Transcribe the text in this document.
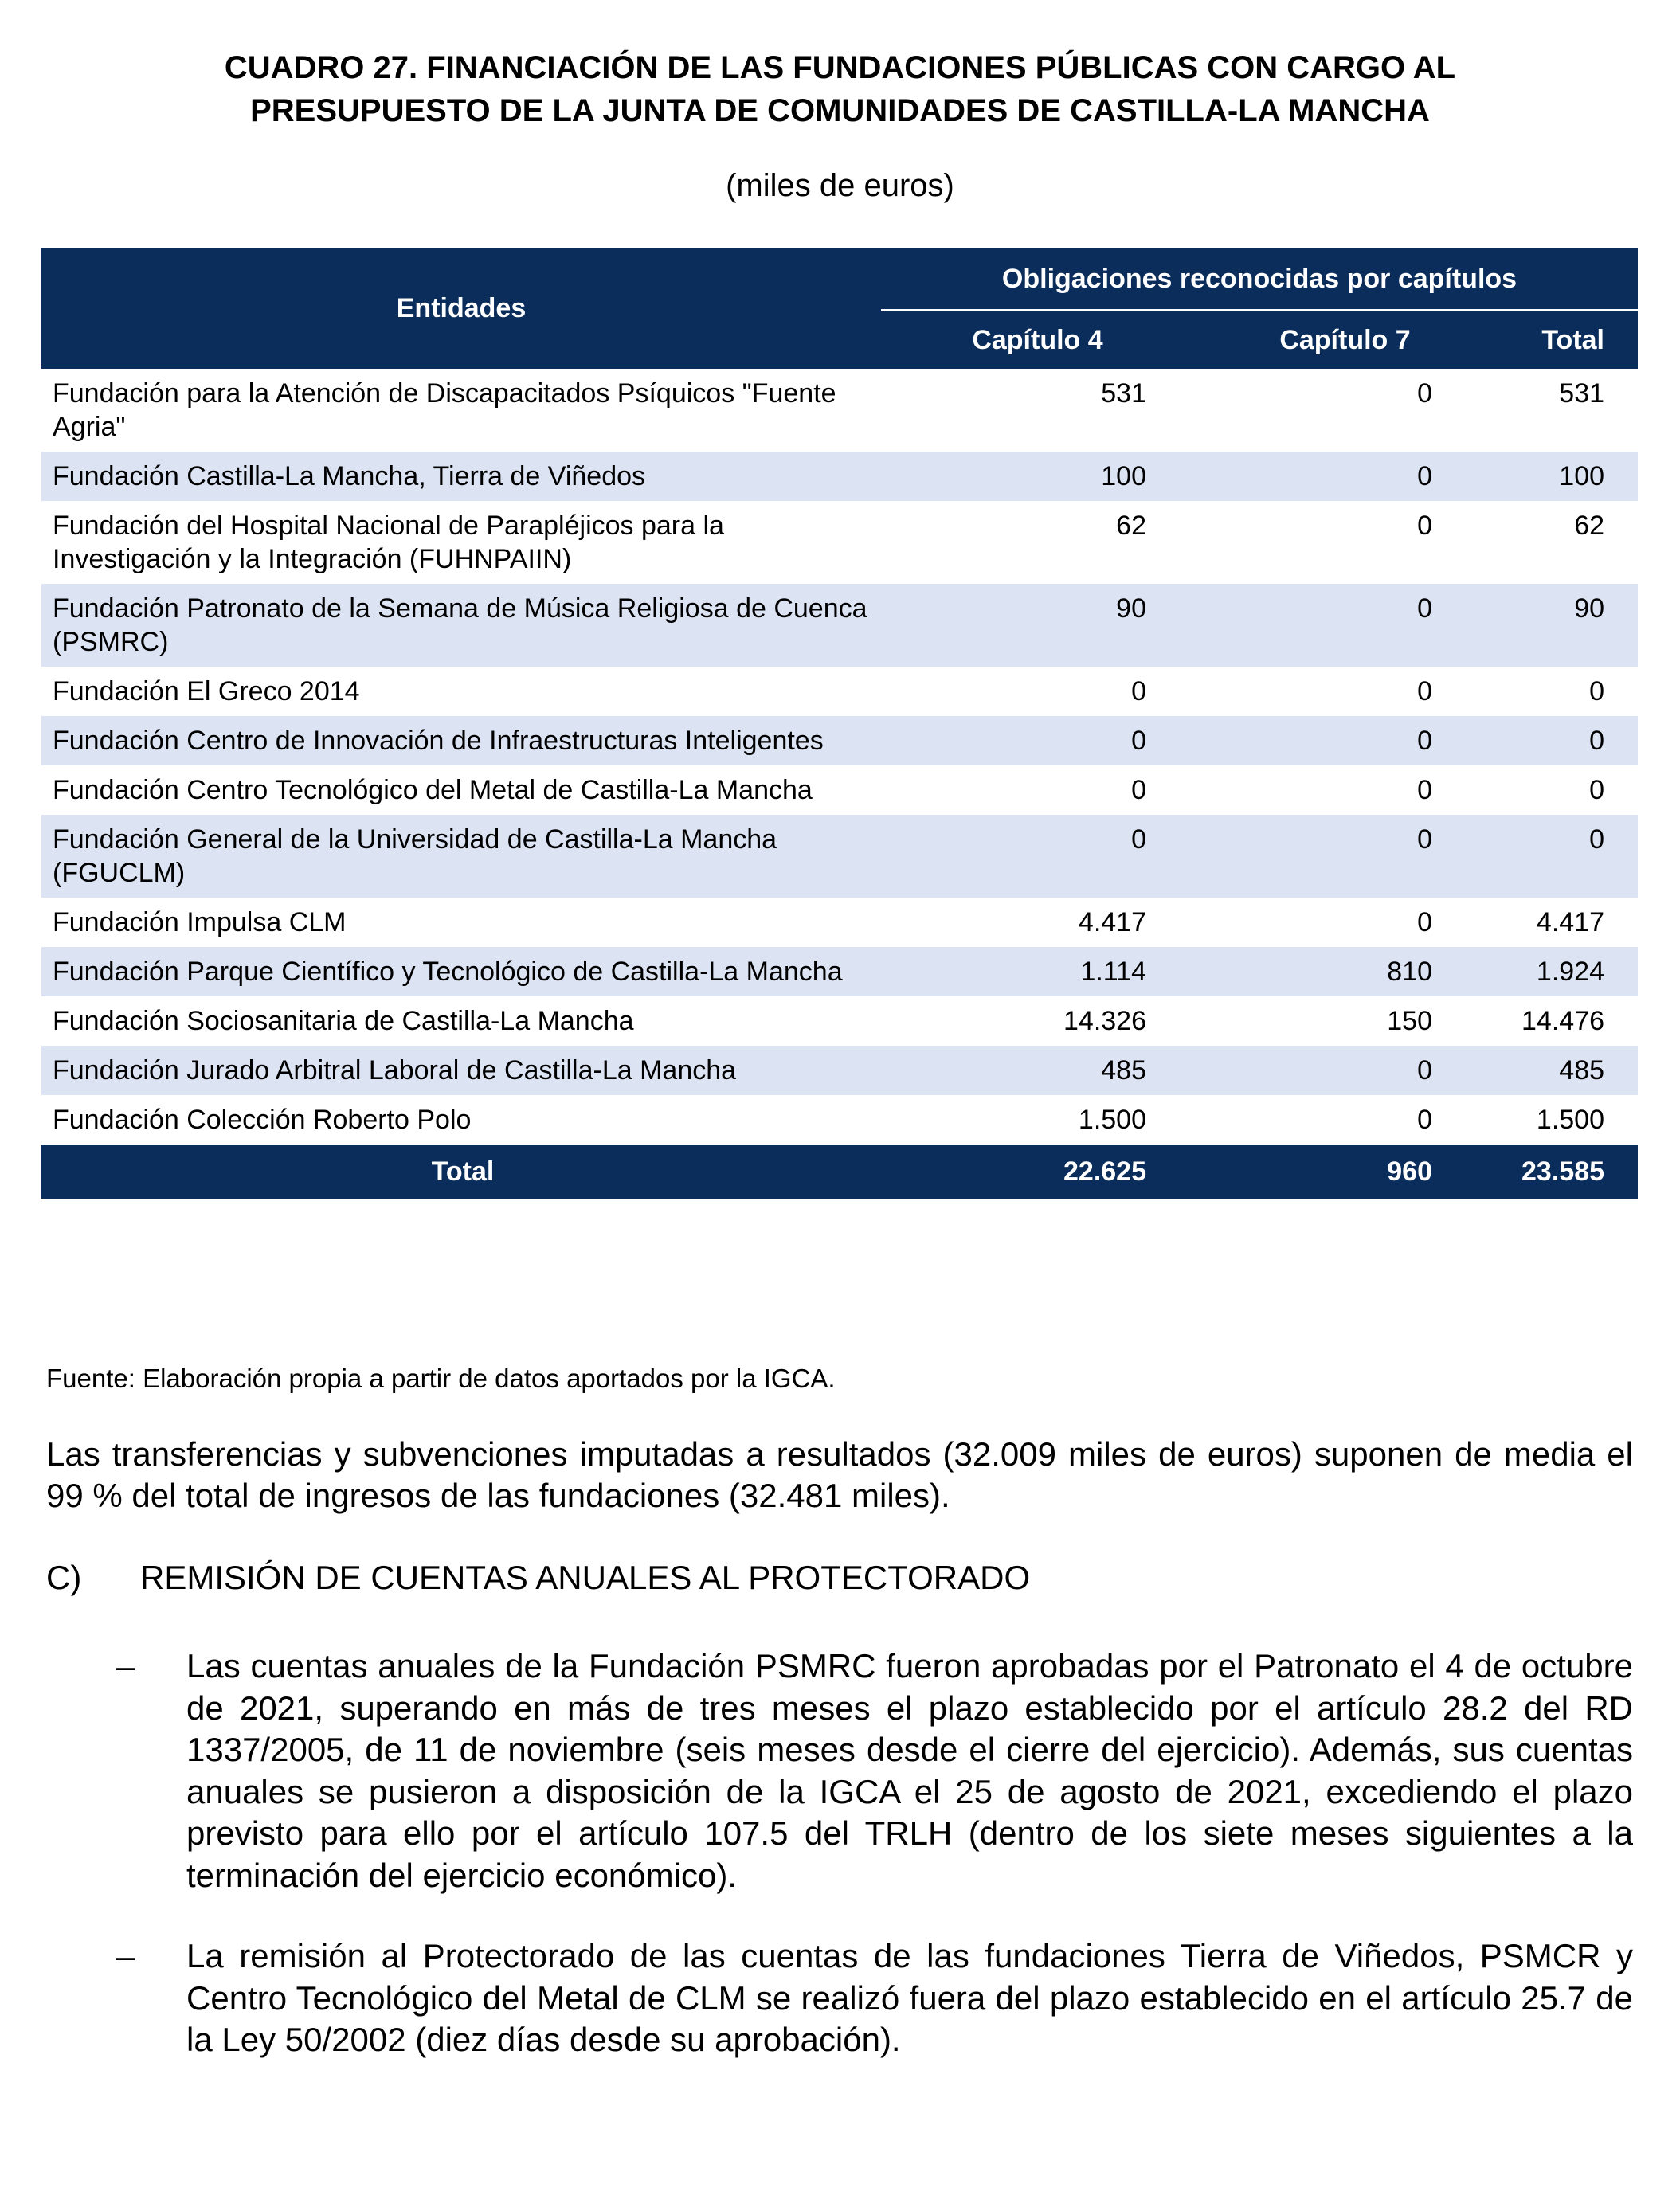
CUADRO 27. FINANCIACIÓN DE LAS FUNDACIONES PÚBLICAS CON CARGO AL
PRESUPUESTO DE LA JUNTA DE COMUNIDADES DE CASTILLA-LA MANCHA
(miles de euros)
Entidades	Obligaciones reconocidas por capítulos		
	Capítulo 4	Capítulo 7	Total
Fundación para la Atención de Discapacitados Psíquicos "Fuente Agria"	531	0	531
Fundación Castilla-La Mancha, Tierra de Viñedos	100	0	100
Fundación del Hospital Nacional de Parapléjicos para la Investigación y la Integración (FUHNPAIIN)	62	0	62
Fundación Patronato de la Semana de Música Religiosa de Cuenca (PSMRC)	90	0	90
Fundación El Greco 2014	0	0	0
Fundación Centro de Innovación de Infraestructuras Inteligentes	0	0	0
Fundación Centro Tecnológico del Metal de Castilla-La Mancha	0	0	0
Fundación General de la Universidad de Castilla-La Mancha (FGUCLM)	0	0	0
Fundación Impulsa CLM	4.417	0	4.417
Fundación Parque Científico y Tecnológico de Castilla-La Mancha	1.114	810	1.924
Fundación Sociosanitaria de Castilla-La Mancha	14.326	150	14.476
Fundación Jurado Arbitral Laboral de Castilla-La Mancha	485	0	485
Fundación Colección Roberto Polo	1.500	0	1.500
Total	22.625	960	23.585
Fuente: Elaboración propia a partir de datos aportados por la IGCA.
Las transferencias y subvenciones imputadas a resultados (32.009 miles de euros) suponen de media el 99 % del total de ingresos de las fundaciones (32.481 miles).
C) REMISIÓN DE CUENTAS ANUALES AL PROTECTORADO
– Las cuentas anuales de la Fundación PSMRC fueron aprobadas por el Patronato el 4 de octubre de 2021, superando en más de tres meses el plazo establecido por el artículo 28.2 del RD 1337/2005, de 11 de noviembre (seis meses desde el cierre del ejercicio). Además, sus cuentas anuales se pusieron a disposición de la IGCA el 25 de agosto de 2021, excediendo el plazo previsto para ello por el artículo 107.5 del TRLH (dentro de los siete meses siguientes a la terminación del ejercicio económico).
– La remisión al Protectorado de las cuentas de las fundaciones Tierra de Viñedos, PSMCR y Centro Tecnológico del Metal de CLM se realizó fuera del plazo establecido en el artículo 25.7 de la Ley 50/2002 (diez días desde su aprobación).
